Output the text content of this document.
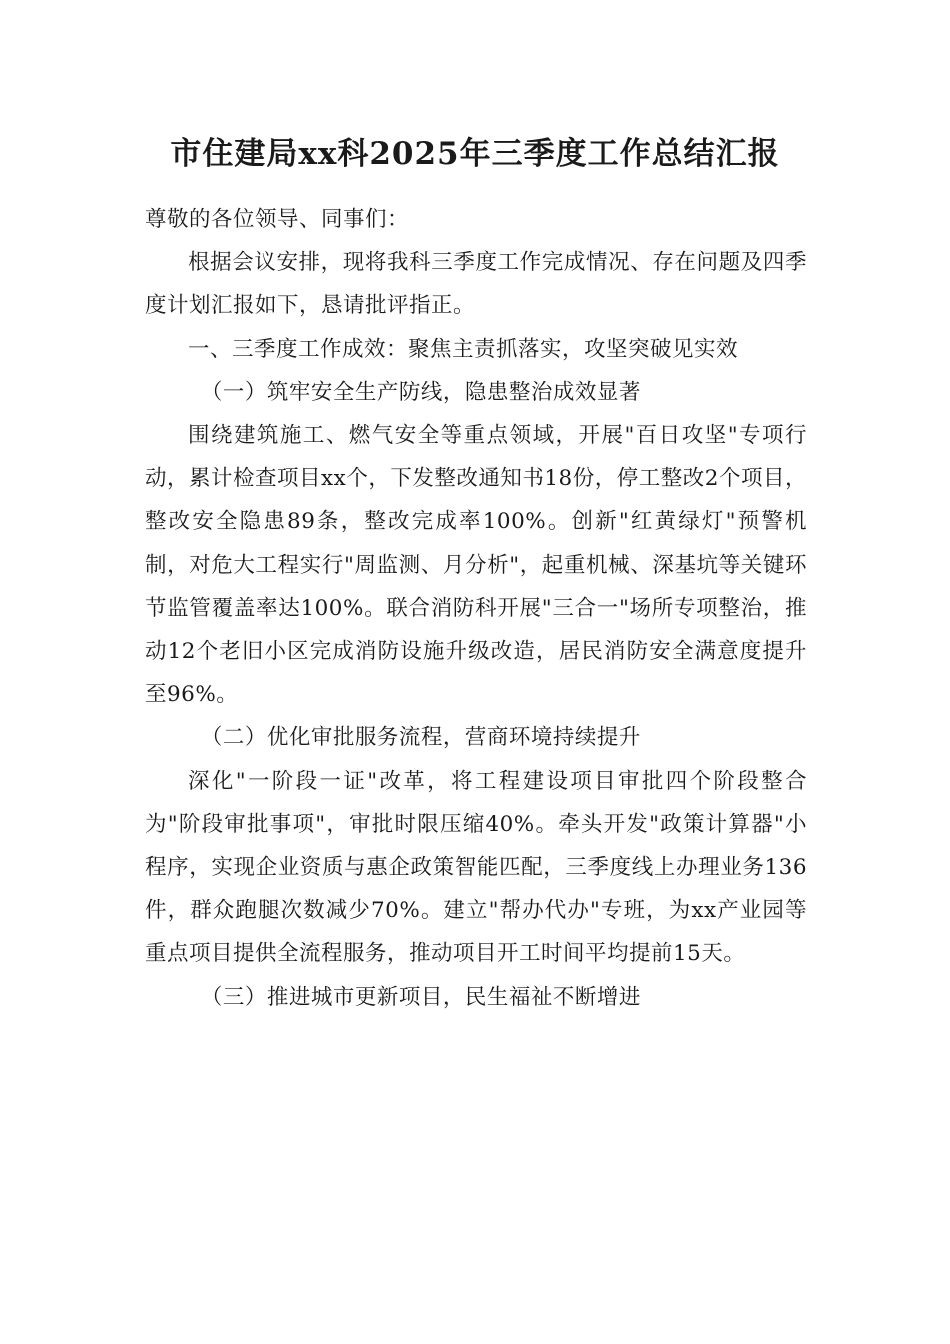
市住建局xx科2025年三季度工作总结汇报

尊敬的各位领导、同事们：

根据会议安排，现将我科三季度工作完成情况、存在问题及四季度计划汇报如下，恳请批评指正。

一、三季度工作成效：聚焦主责抓落实，攻坚突破见实效

（一）筑牢安全生产防线，隐患整治成效显著

围绕建筑施工、燃气安全等重点领域，开展"百日攻坚"专项行动，累计检查项目xx个，下发整改通知书18份，停工整改2个项目，整改安全隐患89条，整改完成率100%。创新"红黄绿灯"预警机制，对危大工程实行"周监测、月分析"，起重机械、深基坑等关键环节监管覆盖率达100%。联合消防科开展"三合一"场所专项整治，推动12个老旧小区完成消防设施升级改造，居民消防安全满意度提升至96%。

（二）优化审批服务流程，营商环境持续提升

深化"一阶段一证"改革，将工程建设项目审批四个阶段整合为"阶段审批事项"，审批时限压缩40%。牵头开发"政策计算器"小程序，实现企业资质与惠企政策智能匹配，三季度线上办理业务136件，群众跑腿次数减少70%。建立"帮办代办"专班，为xx产业园等重点项目提供全流程服务，推动项目开工时间平均提前15天。

（三）推进城市更新项目，民生福祉不断增进
